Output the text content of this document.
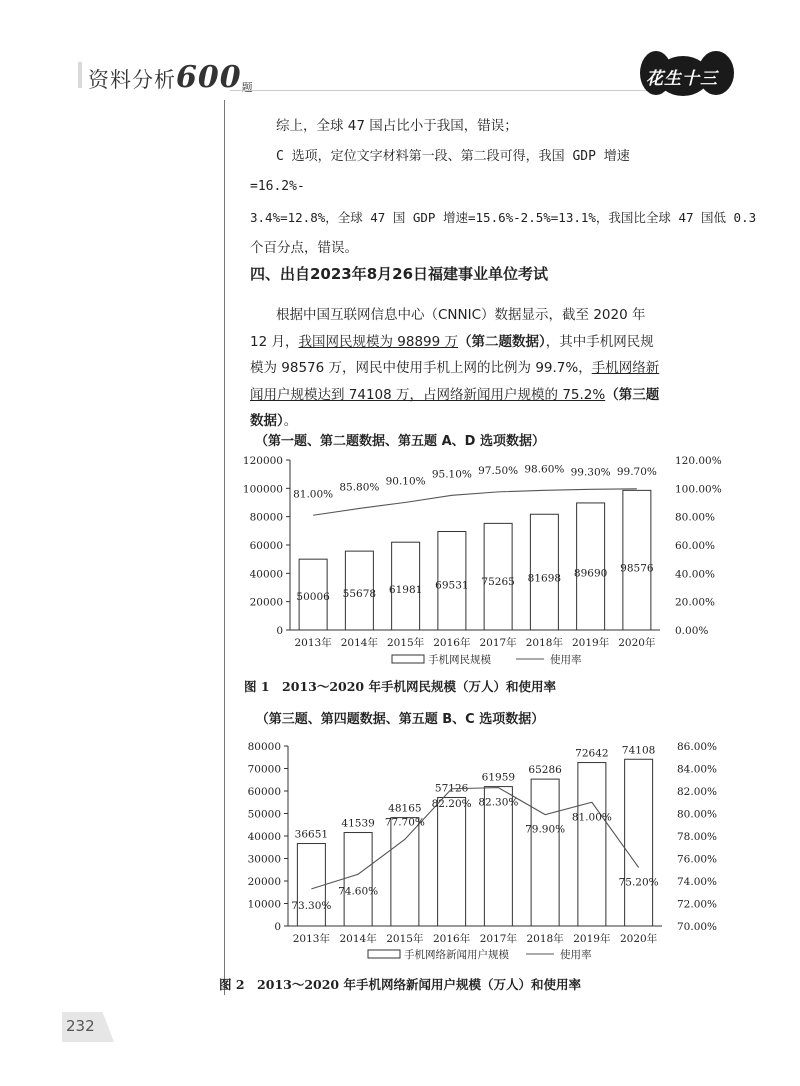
资料分析600题	花生十三

综上，全球 47 国占比小于我国，错误；

C 选项，定位文字材料第一段、第二段可得，我国 GDP 增速=16.2%-

3.4%=12.8%，全球 47 国 GDP 增速=15.6%-2.5%=13.1%，我国比全球 47 国低 0.3

个百分点，错误。

四、出自2023年8月26日福建事业单位考试
根据中国互联网信息中心（CNNIC）数据显示，截至 2020 年 12 月，我国网民规模为 98899 万（第二题数据），其中手机网民规模为 98576 万，网民中使用手机上网的比例为 99.7%，手机网络新闻用户规模达到 74108 万，占网络新闻用户规模的 75.2%（第三题数据）。
（第一题、第二题数据、第五题 A、D 选项数据）
0
20000
40000
60000
80000
100000
120000
0.00%
20.00%
40.00%
60.00%
80.00%
100.00%
120.00%
50006
2013年
55678
2014年
61981
2015年
69531
2016年
75265
2017年
81698
2018年
89690
2019年
98576
2020年
81.00%
85.80%
90.10%
95.10% 97.50% 98.60% 99.30% 99.70%
手机网民规模	使用率
图 1　2013～2020 年手机网民规模（万人）和使用率
（第三题、第四题数据、第五题 B、C 选项数据）
0
10000
20000
30000
40000
50000
60000
70000
80000
70.00%
72.00%
74.00%
76.00%
78.00%
80.00%
82.00%
84.00%
86.00%
36651
2013年
41539
2014年
48165
2015年
57126
2016年
61959
2017年
65286
2018年
72642
2019年
74108
2020年
73.30%
74.60%
77.70%
82.20% 82.30%
79.90%
81.00%
75.20%
手机网络新闻用户规模	使用率
图 2　2013～2020 年手机网络新闻用户规模（万人）和使用率
232
